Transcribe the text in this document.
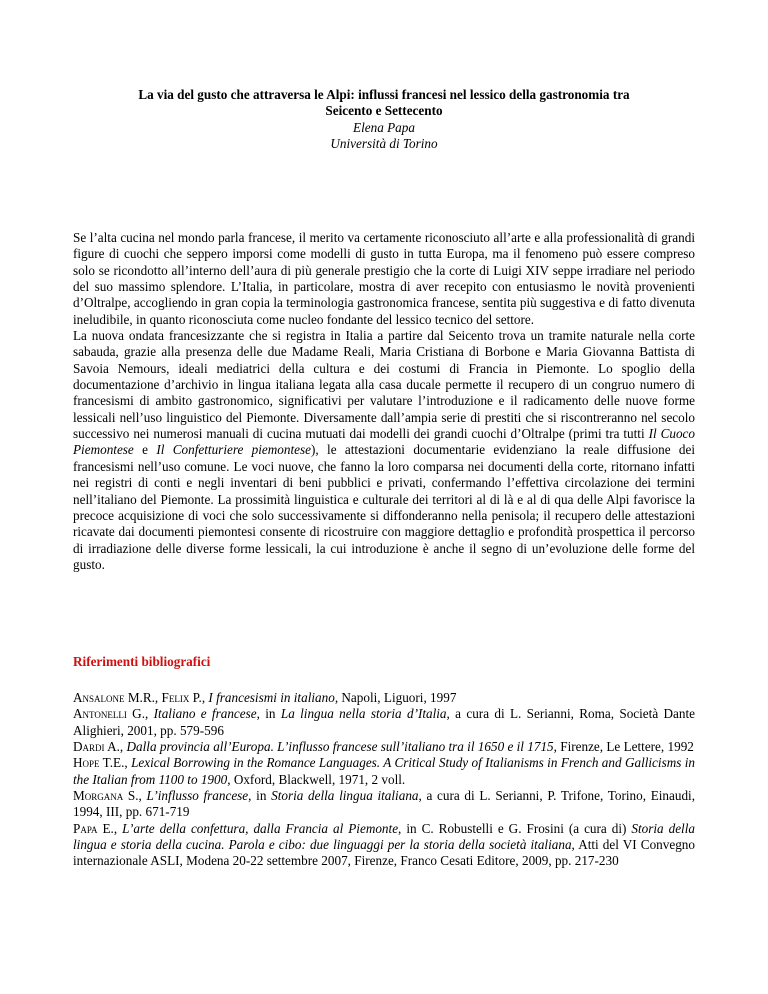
La via del gusto che attraversa le Alpi: influssi francesi nel lessico della gastronomia tra
Seicento e Settecento
Elena Papa
Università di Torino

Se l’alta cucina nel mondo parla francese, il merito va certamente riconosciuto all’arte e alla professionalità di grandi figure di cuochi che seppero imporsi come modelli di gusto in tutta Europa, ma il fenomeno può essere compreso solo se ricondotto all’interno dell’aura di più generale prestigio che la corte di Luigi XIV seppe irradiare nel periodo del suo massimo splendore. L’Italia, in particolare, mostra di aver recepito con entusiasmo le novità provenienti d’Oltralpe, accogliendo in gran copia la terminologia gastronomica francese, sentita più suggestiva e di fatto divenuta ineludibile, in quanto riconosciuta come nucleo fondante del lessico tecnico del settore.

La nuova ondata francesizzante che si registra in Italia a partire dal Seicento trova un tramite naturale nella corte sabauda, grazie alla presenza delle due Madame Reali, Maria Cristiana di Borbone e Maria Giovanna Battista di Savoia Nemours, ideali mediatrici della cultura e dei costumi di Francia in Piemonte. Lo spoglio della documentazione d’archivio in lingua italiana legata alla casa ducale permette il recupero di un congruo numero di francesismi di ambito gastronomico, significativi per valutare l’introduzione e il radicamento delle nuove forme lessicali nell’uso linguistico del Piemonte. Diversamente dall’ampia serie di prestiti che si riscontreranno nel secolo successivo nei numerosi manuali di cucina mutuati dai modelli dei grandi cuochi d’Oltralpe (primi tra tutti Il Cuoco Piemontese e Il Confetturiere piemontese), le attestazioni documentarie evidenziano la reale diffusione dei francesismi nell’uso comune. Le voci nuove, che fanno la loro comparsa nei documenti della corte, ritornano infatti nei registri di conti e negli inventari di beni pubblici e privati, confermando l’effettiva circolazione dei termini nell’italiano del Piemonte. La prossimità linguistica e culturale dei territori al di là e al di qua delle Alpi favorisce la precoce acquisizione di voci che solo successivamente si diffonderanno nella penisola; il recupero delle attestazioni ricavate dai documenti piemontesi consente di ricostruire con maggiore dettaglio e profondità prospettica il percorso di irradiazione delle diverse forme lessicali, la cui introduzione è anche il segno di un’evoluzione delle forme del gusto.

Riferimenti bibliografici

Ansalone M.R., Felix P., I francesismi in italiano, Napoli, Liguori, 1997

Antonelli G., Italiano e francese, in La lingua nella storia d’Italia, a cura di L. Serianni, Roma, Società Dante Alighieri, 2001, pp. 579-596

Dardi A., Dalla provincia all’Europa. L’influsso francese sull’italiano tra il 1650 e il 1715, Firenze, Le Lettere, 1992

Hope T.E., Lexical Borrowing in the Romance Languages. A Critical Study of Italianisms in French and Gallicisms in the Italian from 1100 to 1900, Oxford, Blackwell, 1971, 2 voll.

Morgana S., L’influsso francese, in Storia della lingua italiana, a cura di L. Serianni, P. Trifone, Torino, Einaudi, 1994, III, pp. 671-719

Papa E., L’arte della confettura, dalla Francia al Piemonte, in C. Robustelli e G. Frosini (a cura di) Storia della lingua e storia della cucina. Parola e cibo: due linguaggi per la storia della società italiana, Atti del VI Convegno internazionale ASLI, Modena 20-22 settembre 2007, Firenze, Franco Cesati Editore, 2009, pp. 217-230
